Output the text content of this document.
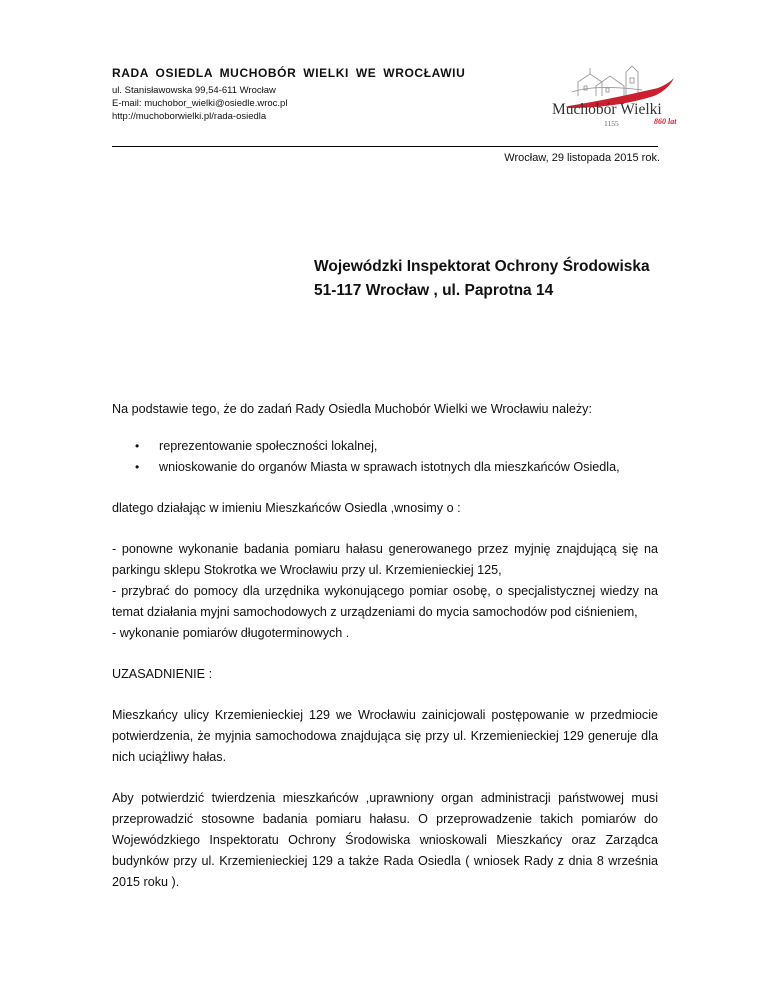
RADA OSIEDLA MUCHOBÓR WIELKI WE WROCŁAWIU
ul. Stanisławowska 99,54-611 Wrocław
E-mail: muchobor_wielki@osiedle.wroc.pl
http://muchoborwielki.pl/rada-osiedla	Muchobór Wielki
1155	860 lat
Wrocław, 29 listopada 2015 rok.
Wojewódzki Inspektorat Ochrony Środowiska
51-117 Wrocław , ul. Paprotna 14

Na podstawie tego, że do zadań Rady Osiedla Muchobór Wielki we Wrocławiu należy:

• reprezentowanie społeczności lokalnej,
• wnioskowanie do organów Miasta w sprawach istotnych dla mieszkańców Osiedla,

dlatego działając w imieniu Mieszkańców Osiedla ,wnosimy o :

- ponowne wykonanie badania pomiaru hałasu generowanego przez myjnię znajdującą się na parkingu sklepu Stokrotka we Wrocławiu przy ul. Krzemienieckiej 125,

- przybrać do pomocy dla urzędnika wykonującego pomiar osobę, o specjalistycznej wiedzy na temat działania myjni samochodowych z urządzeniami do mycia samochodów pod ciśnieniem,

- wykonanie pomiarów długoterminowych .

UZASADNIENIE :

Mieszkańcy ulicy Krzemienieckiej 129 we Wrocławiu zainicjowali postępowanie w przedmiocie potwierdzenia, że myjnia samochodowa znajdująca się przy ul. Krzemienieckiej 129 generuje dla nich uciążliwy hałas.

Aby potwierdzić twierdzenia mieszkańców ,uprawniony organ administracji państwowej musi przeprowadzić stosowne badania pomiaru hałasu. O przeprowadzenie takich pomiarów do Wojewódzkiego Inspektoratu Ochrony Środowiska wnioskowali Mieszkańcy oraz Zarządca budynków przy ul. Krzemienieckiej 129 a także Rada Osiedla ( wniosek Rady z dnia 8 września 2015 roku ).
